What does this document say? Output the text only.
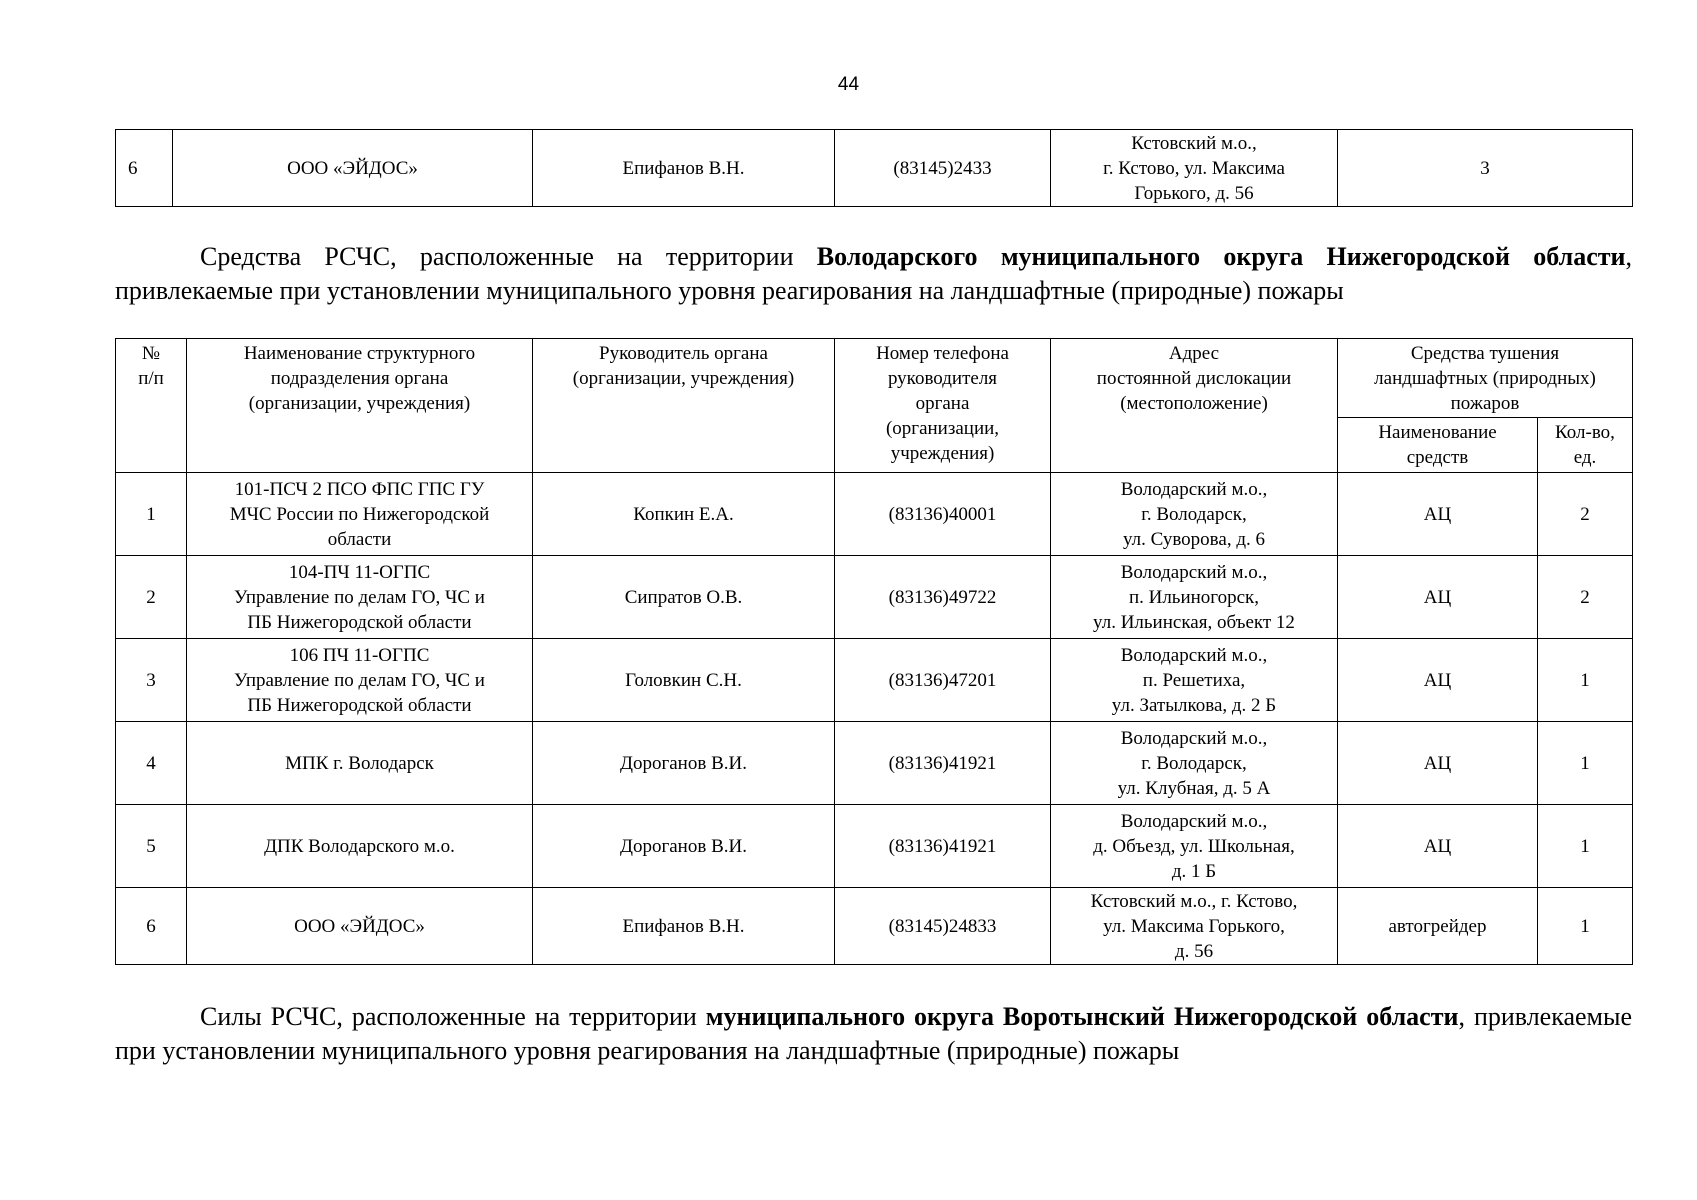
44
6	ООО «ЭЙДОС»	Епифанов В.Н.	(83145)2433	Кстовский м.о.,
г. Кстово, ул. Максима
Горького, д. 56	3
Средства РСЧС, расположенные на территории Володарского муниципального округа Нижегородской области, привлекаемые при установлении муниципального уровня реагирования на ландшафтные (природные) пожары
№
п/п	Наименование структурного
подразделения органа
(организации, учреждения)	Руководитель органа
(организации, учреждения)	Номер телефона
руководителя
органа
(организации,
учреждения)	Адрес
постоянной дислокации
(местоположение)	Средства тушения
ландшафтных (природных)
пожаров	
					Наименование
средств	Кол-во,
ед.
1	101-ПСЧ 2 ПСО ФПС ГПС ГУ
МЧС России по Нижегородской
области	Копкин Е.А.	(83136)40001	Володарский м.о.,
г. Володарск,
ул. Суворова, д. 6	АЦ	2
2	104-ПЧ 11-ОГПС
Управление по делам ГО, ЧС и
ПБ Нижегородской области	Сипратов О.В.	(83136)49722	Володарский м.о.,
п. Ильиногорск,
ул. Ильинская, объект 12	АЦ	2
3	106 ПЧ 11-ОГПС
Управление по делам ГО, ЧС и
ПБ Нижегородской области	Головкин С.Н.	(83136)47201	Володарский м.о.,
п. Решетиха,
ул. Затылкова, д. 2 Б	АЦ	1
4	МПК г. Володарск	Дороганов В.И.	(83136)41921	Володарский м.о.,
г. Володарск,
ул. Клубная, д. 5 А	АЦ	1
5	ДПК Володарского м.о.	Дороганов В.И.	(83136)41921	Володарский м.о.,
д. Объезд, ул. Школьная,
д. 1 Б	АЦ	1
6	ООО «ЭЙДОС»	Епифанов В.Н.	(83145)24833	Кстовский м.о., г. Кстово,
ул. Максима Горького,
д. 56	автогрейдер	1
Силы РСЧС, расположенные на территории муниципального округа Воротынский Нижегородской области, привлекаемые при установлении муниципального уровня реагирования на ландшафтные (природные) пожары
